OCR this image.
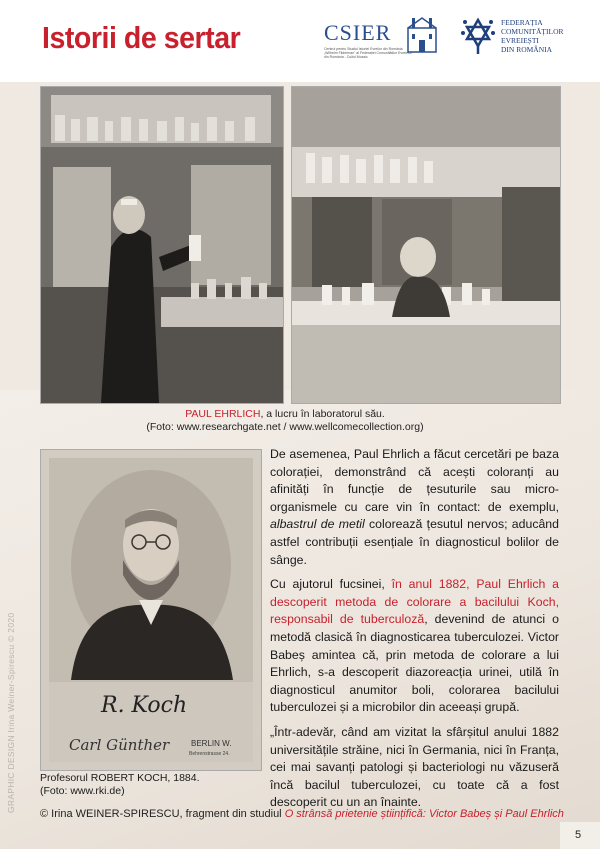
Istorii de sertar	CSIER
Centrul pentru Studiul Istoriei Evreilor din România „Wilhelm Filderman” al Federației Comunităților Evreiești din România - Cultul Mozaic
FEDERAȚIA
COMUNITĂȚILOR
EVREIEȘTI
DIN ROMÂNIA
PAUL EHRLICH, a lucru în laboratorul său.
(Foto: www.researchgate.net / www.wellcomecollection.org)
R. Koch
Carl Günther	BERLIN W.
Behrenstrasse 24.
Profesorul ROBERT KOCH, 1884.
(Foto: www.rki.de)

De asemenea, Paul Ehrlich a făcut cercetări pe baza colorației, demonstrând că acești coloranți au afinități în funcție de țesuturile sau micro-organismele cu care vin în contact: de exemplu, albastrul de metil colorează țesutul nervos; aducând astfel contribuții esențiale în diagnosticul bolilor de sânge.

Cu ajutorul fucsinei, în anul 1882, Paul Ehrlich a descoperit metoda de colorare a bacilului Koch, responsabil de tuberculoză, devenind de atunci o metodă clasică în diagnosticarea tuberculozei. Victor Babeș amintea că, prin metoda de colorare a lui Ehrlich, s-a descoperit diazoreacția urinei, utilă în diagnosticul anumitor boli, colorarea bacilului tuberculozei și a microbilor din aceeași grupă.

„Într-adevăr, când am vizitat la sfârșitul anului 1882 universitățile străine, nici în Germania, nici în Franța, cei mai savanți patologi și bacteriologi nu văzuseră încă bacilul tuberculozei, cu toate că a fost descoperit cu un an înainte.

GRAPHIC DESIGN Irina Weiner-Spirescu © 2020
© Irina WEINER-SPIRESCU, fragment din studiul O strânsă prietenie științifică: Victor Babeș și Paul Ehrlich
5
